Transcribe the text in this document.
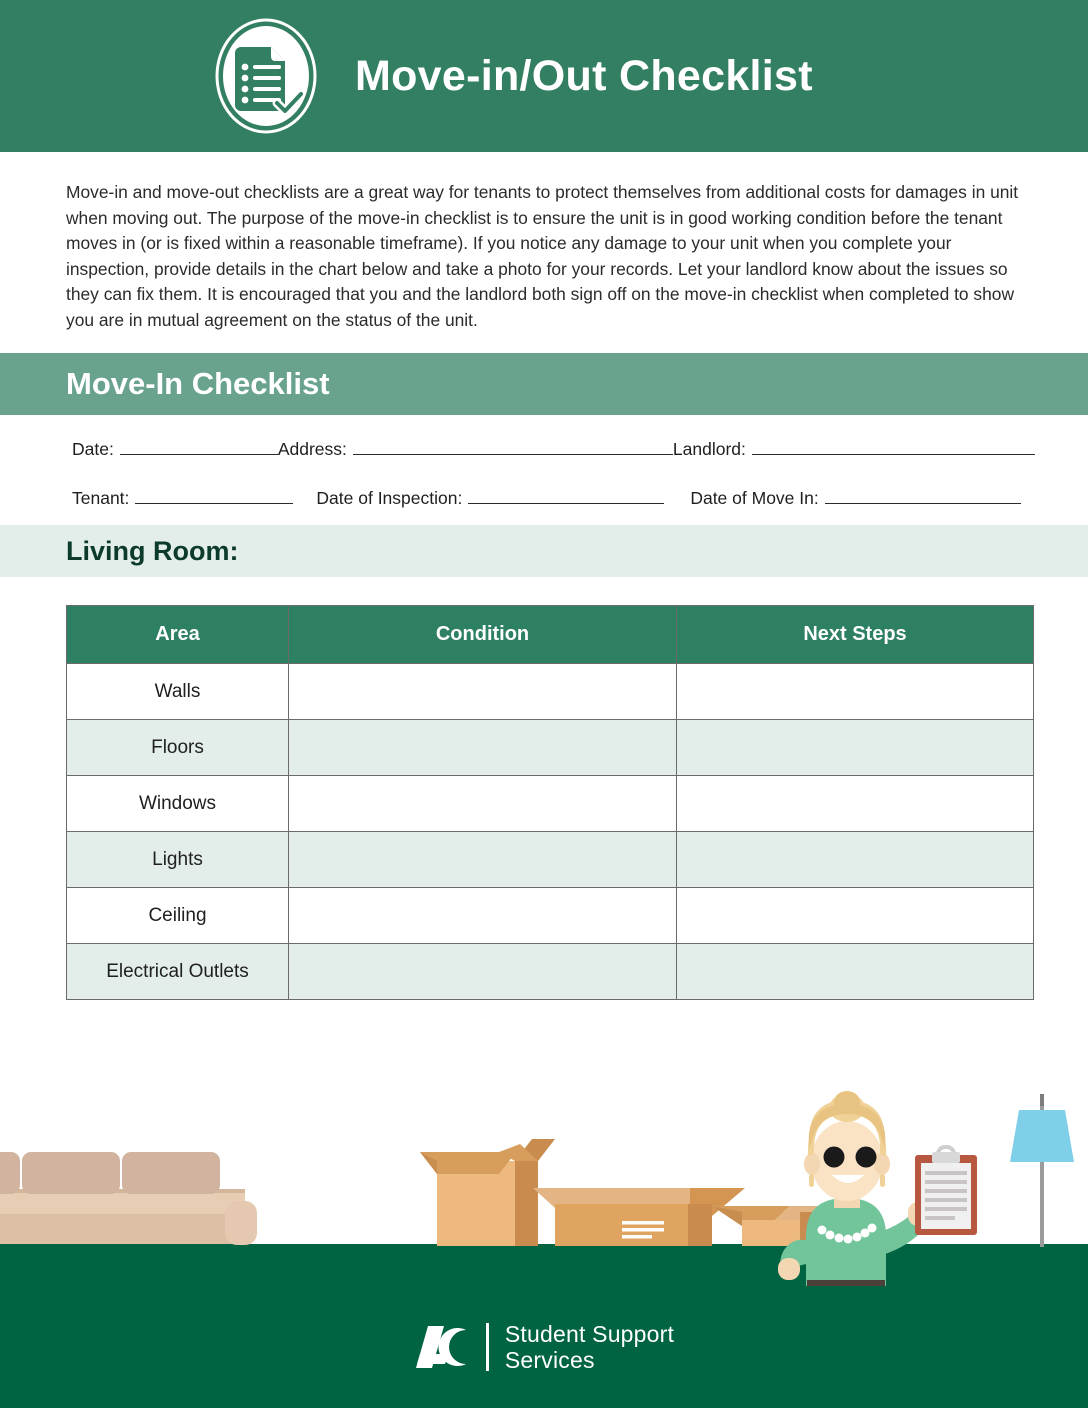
Move-in/Out Checklist

Move-in and move-out checklists are a great way for tenants to protect themselves from additional costs for damages in unit when moving out. The purpose of the move-in checklist is to ensure the unit is in good working condition before the tenant moves in (or is fixed within a reasonable timeframe). If you notice any damage to your unit when you complete your inspection, provide details in the chart below and take a photo for your records. Let your landlord know about the issues so they can fix them. It is encouraged that you and the landlord both sign off on the move-in checklist when completed to show you are in mutual agreement on the status of the unit.

Move-In Checklist
Date:	Address:	Landlord:
Tenant:	Date of Inspection:	Date of Move In:
Living Room:
Area	Condition	Next Steps
Walls		
Floors		
Windows		
Lights		
Ceiling		
Electrical Outlets		
Student Support
Services
